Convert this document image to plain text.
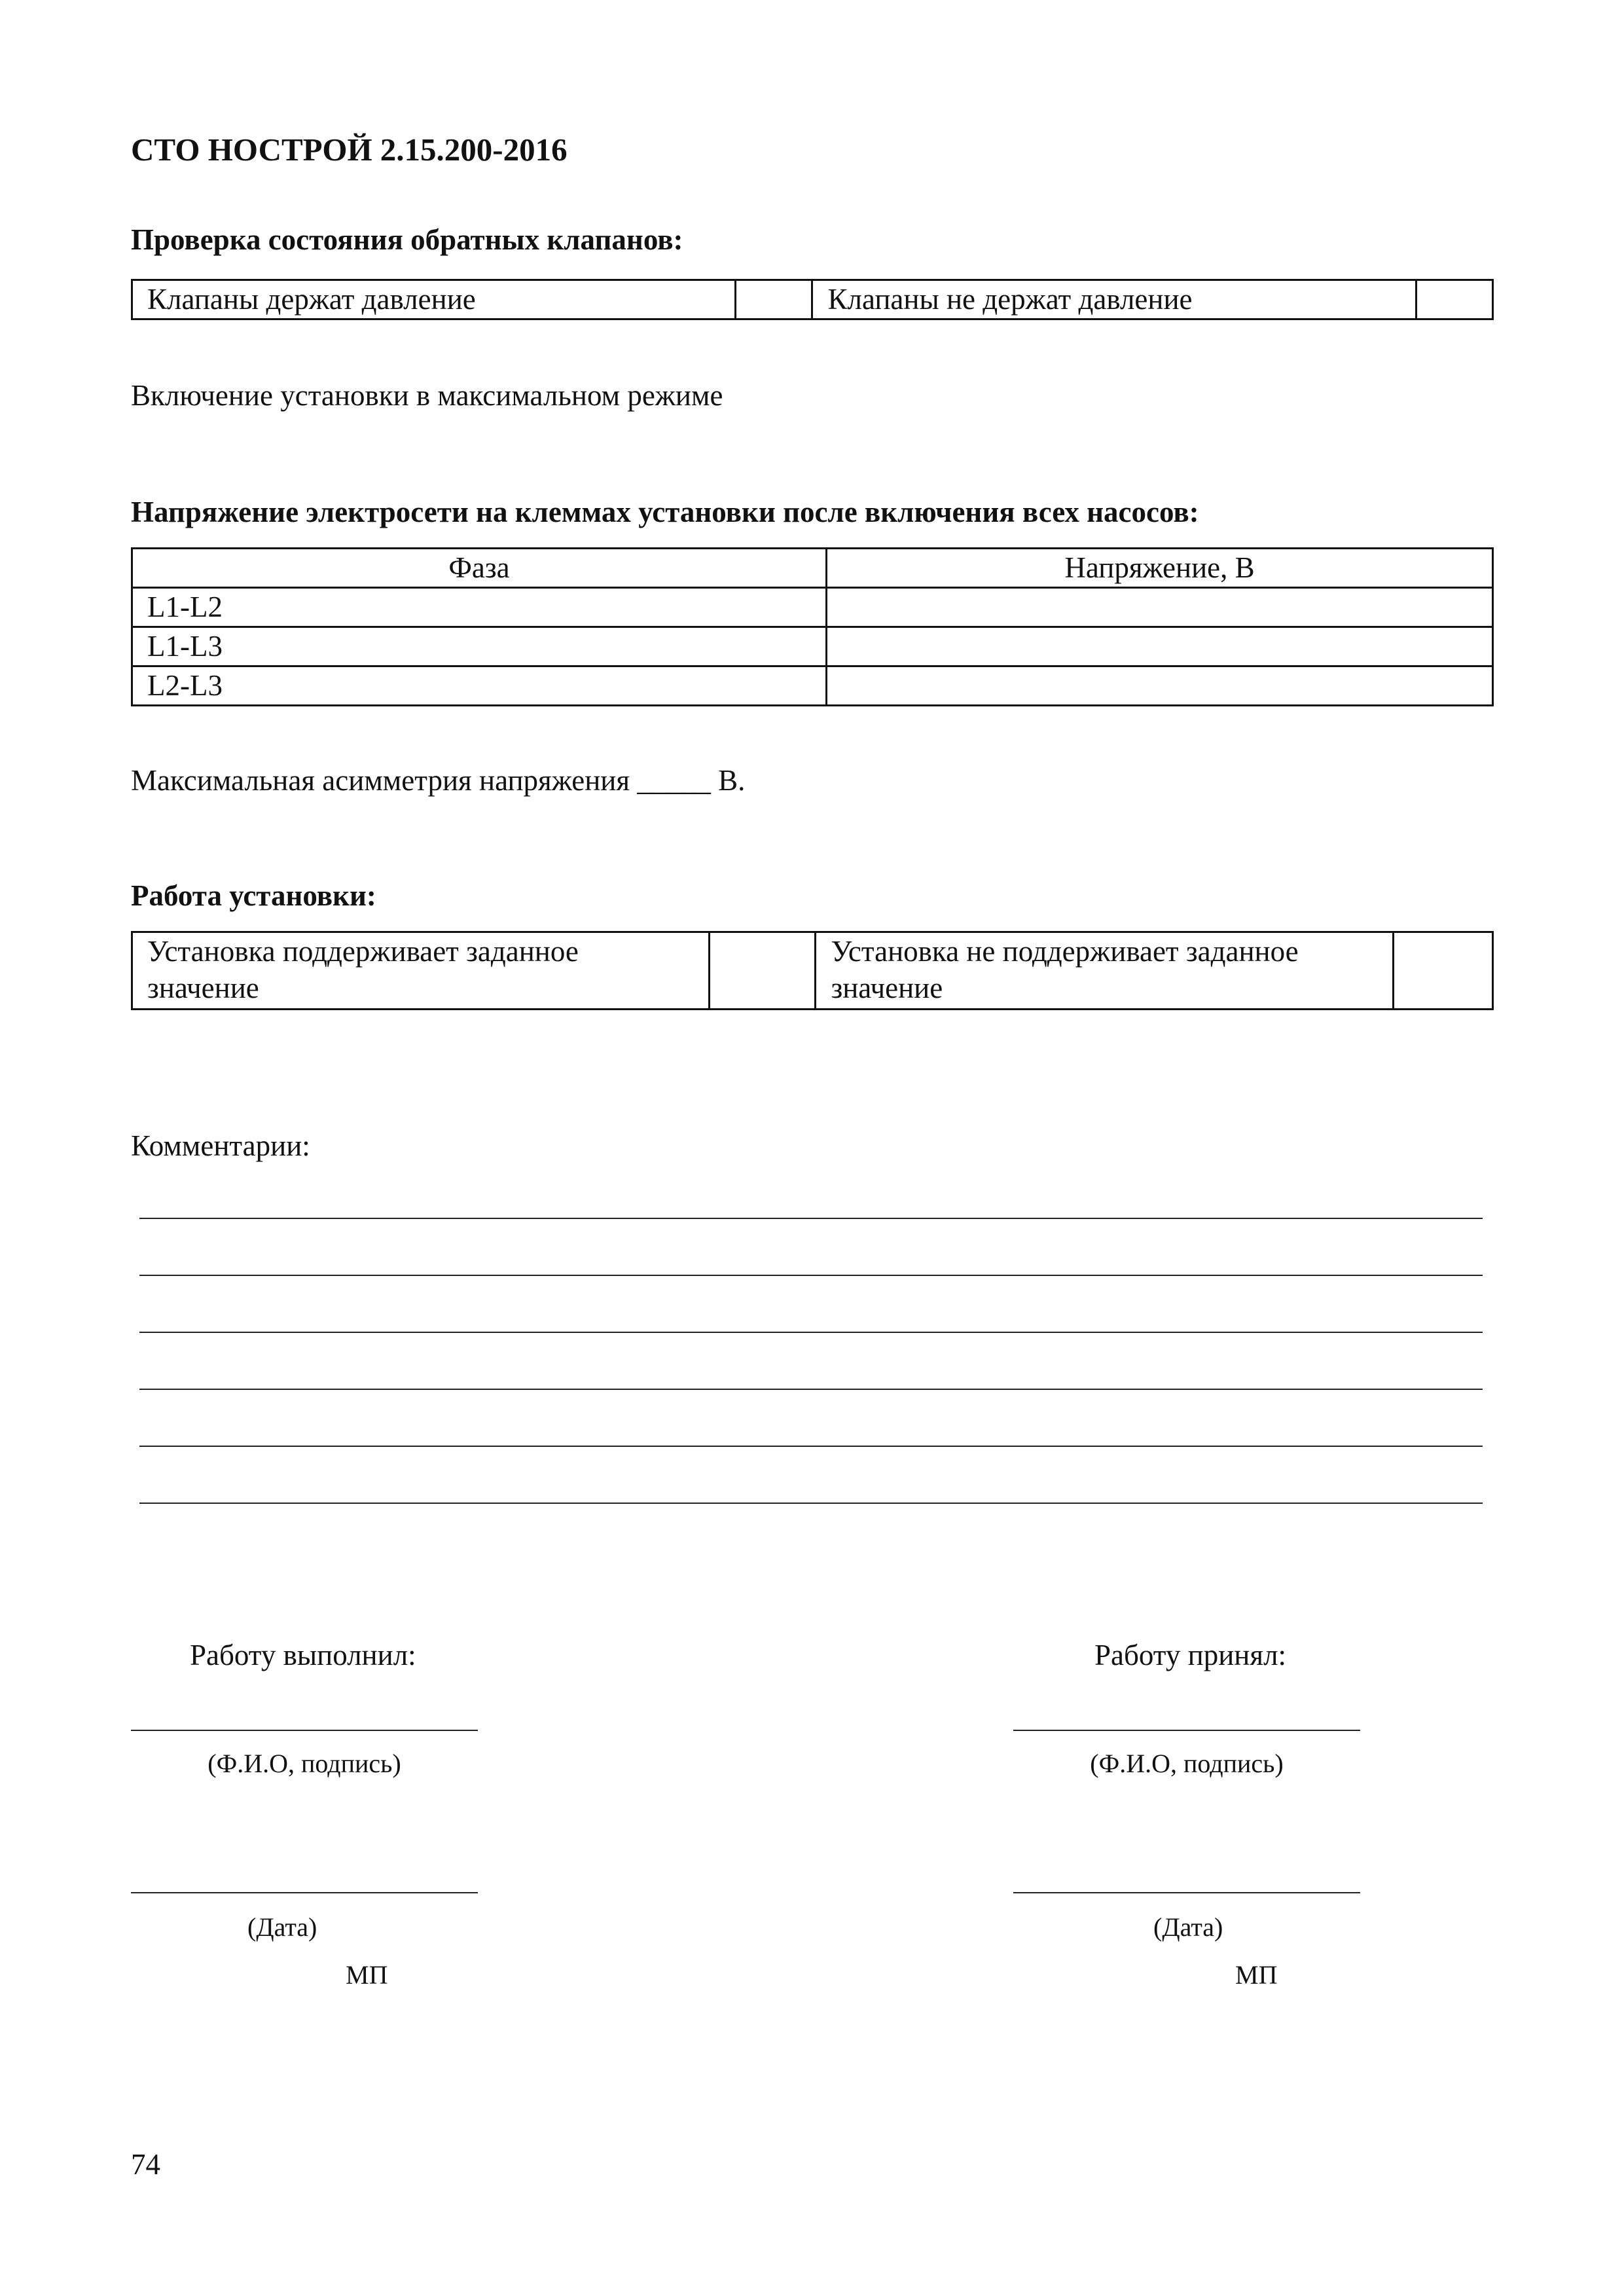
СТО НОСТРОЙ 2.15.200-2016
Проверка состояния обратных клапанов:
Клапаны держат давление		Клапаны не держат давление	
Включение установки в максимальном режиме
Напряжение электросети на клеммах установки после включения всех насосов:
Фаза	Напряжение, В
L1-L2	
L1-L3	
L2-L3	
Максимальная асимметрия напряжения _____ В.
Работа установки:
Установка поддерживает заданное значение		Установка не поддерживает заданное значение	
Комментарии:
Работу выполнил:	Работу принял:
(Ф.И.О, подпись)	(Ф.И.О, подпись)
(Дата)	(Дата)
МП	МП
74
